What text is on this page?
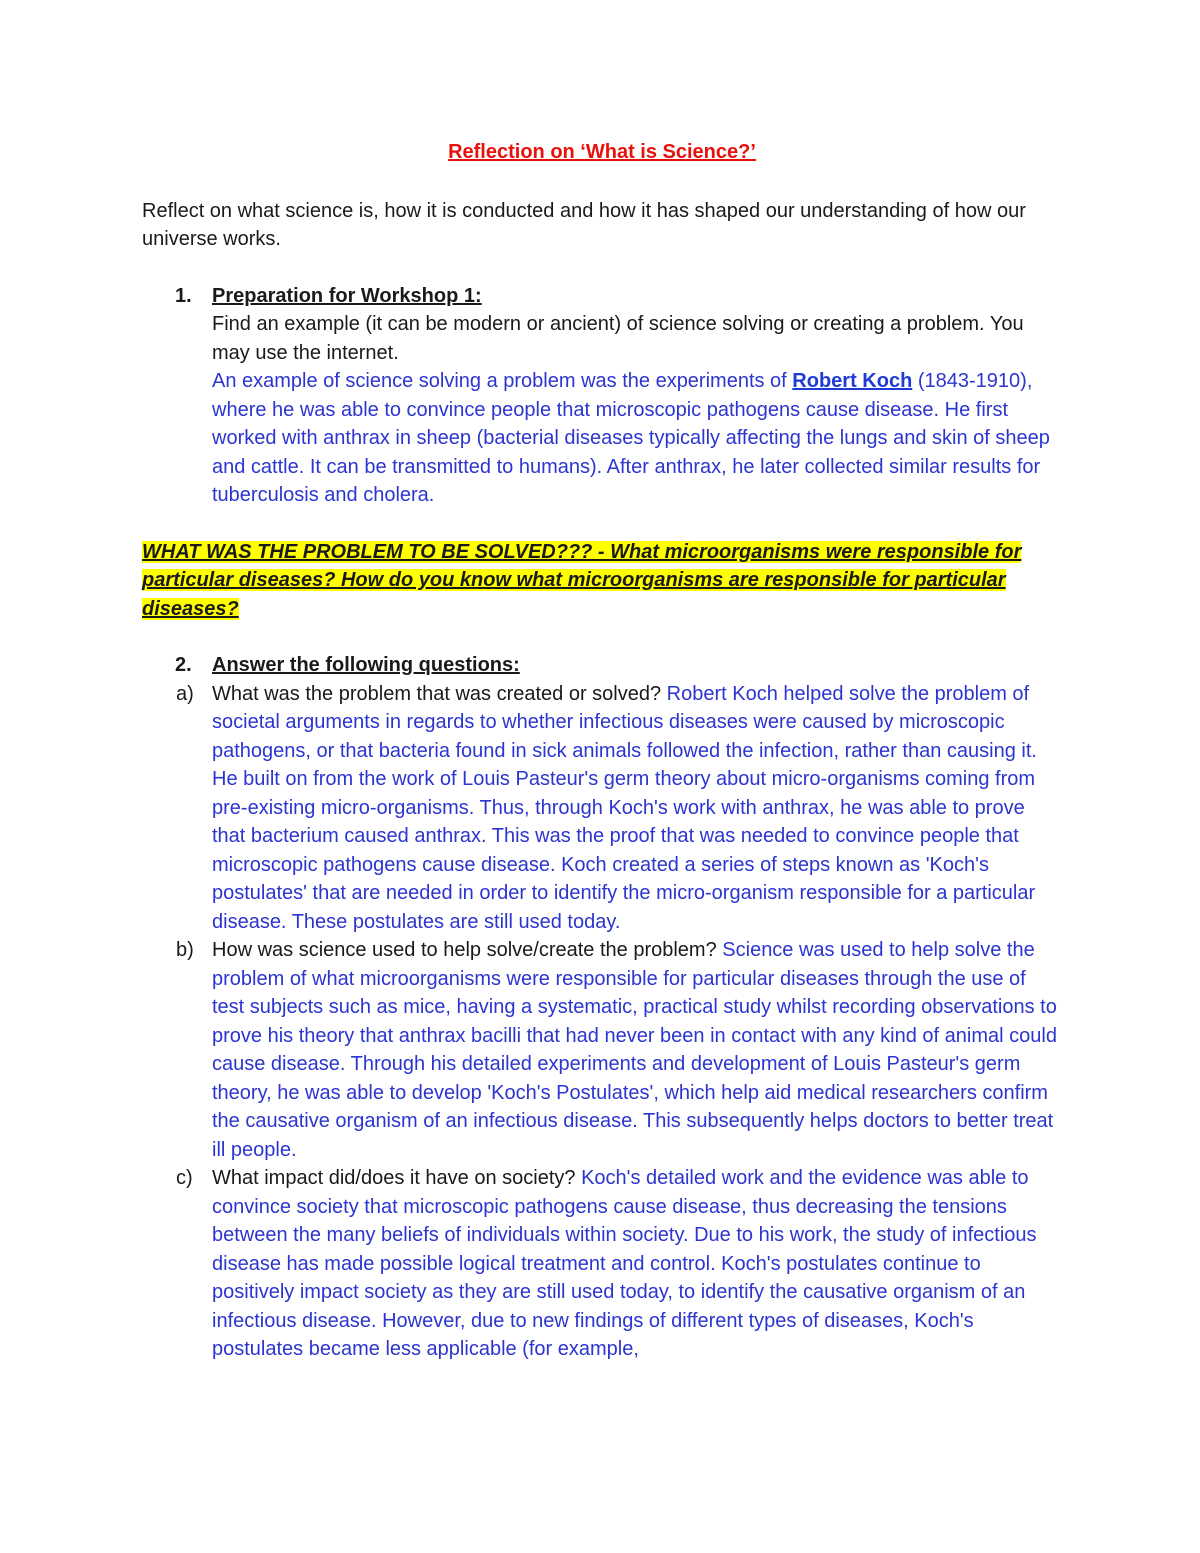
Reflection on ‘What is Science?’

Reflect on what science is, how it is conducted and how it has shaped our understanding of how our universe works.
1. Preparation for Workshop 1:
Find an example (it can be modern or ancient) of science solving or creating a problem. You may use the internet.
An example of science solving a problem was the experiments of Robert Koch (1843-1910), where he was able to convince people that microscopic pathogens cause disease. He first worked with anthrax in sheep (bacterial diseases typically affecting the lungs and skin of sheep and cattle. It can be transmitted to humans). After anthrax, he later collected similar results for tuberculosis and cholera.
WHAT WAS THE PROBLEM TO BE SOLVED??? - What microorganisms were responsible for particular diseases? How do you know what microorganisms are responsible for particular diseases?
2. Answer the following questions:
a) What was the problem that was created or solved? Robert Koch helped solve the problem of societal arguments in regards to whether infectious diseases were caused by microscopic pathogens, or that bacteria found in sick animals followed the infection, rather than causing it. He built on from the work of Louis Pasteur's germ theory about micro-organisms coming from pre-existing micro-organisms. Thus, through Koch's work with anthrax, he was able to prove that bacterium caused anthrax. This was the proof that was needed to convince people that microscopic pathogens cause disease. Koch created a series of steps known as 'Koch's postulates' that are needed in order to identify the micro-organism responsible for a particular disease. These postulates are still used today.
b) How was science used to help solve/create the problem? Science was used to help solve the problem of what microorganisms were responsible for particular diseases through the use of test subjects such as mice, having a systematic, practical study whilst recording observations to prove his theory that anthrax bacilli that had never been in contact with any kind of animal could cause disease. Through his detailed experiments and development of Louis Pasteur's germ theory, he was able to develop 'Koch's Postulates', which help aid medical researchers confirm the causative organism of an infectious disease. This subsequently helps doctors to better treat ill people.
c) What impact did/does it have on society? Koch's detailed work and the evidence was able to convince society that microscopic pathogens cause disease, thus decreasing the tensions between the many beliefs of individuals within society. Due to his work, the study of infectious disease has made possible logical treatment and control. Koch's postulates continue to positively impact society as they are still used today, to identify the causative organism of an infectious disease. However, due to new findings of different types of diseases, Koch's postulates became less applicable (for example,
